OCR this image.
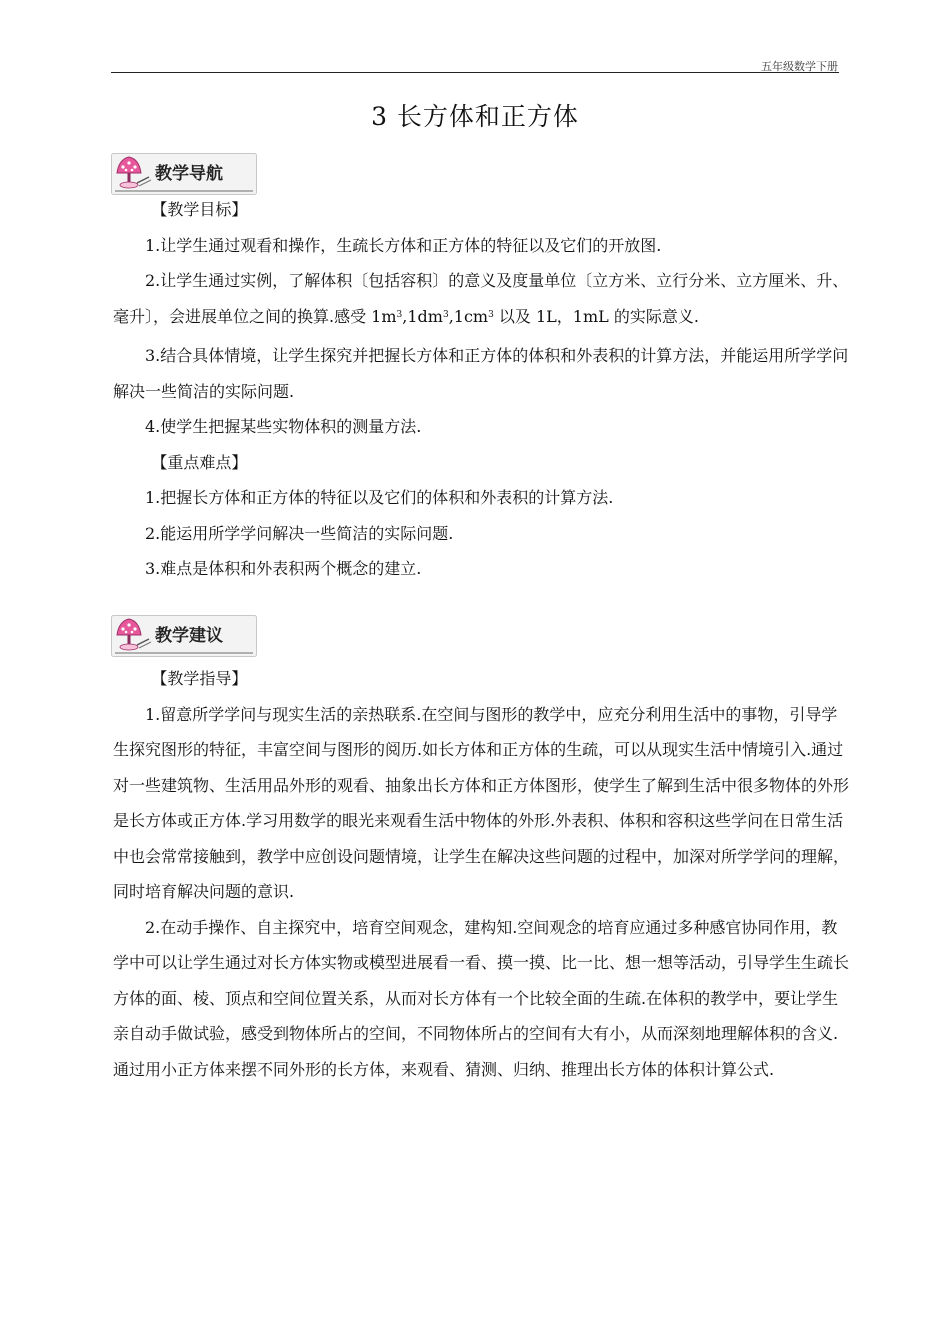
五年级数学下册
3 长方体和正方体
教学导航

【教学目标】

1.让学生通过观看和操作，生疏长方体和正方体的特征以及它们的开放图.

2.让学生通过实例，了解体积〔包括容积〕的意义及度量单位〔立方米、立行分米、立方厘米、升、毫升〕，会进展单位之间的换算.感受 $1m^3,1dm^3,1cm^3$ 以及 1L，1mL 的实际意义.

3.结合具体情境，让学生探究并把握长方体和正方体的体积和外表积的计算方法，并能运用所学学问解决一些简洁的实际问题.

4.使学生把握某些实物体积的测量方法.

【重点难点】

1.把握长方体和正方体的特征以及它们的体积和外表积的计算方法.

2.能运用所学学问解决一些简洁的实际问题.

3.难点是体积和外表积两个概念的建立.

教学建议

【教学指导】

1.留意所学学问与现实生活的亲热联系.在空间与图形的教学中，应充分利用生活中的事物，引导学生探究图形的特征，丰富空间与图形的阅历.如长方体和正方体的生疏，可以从现实生活中情境引入.通过对一些建筑物、生活用品外形的观看、抽象出长方体和正方体图形，使学生了解到生活中很多物体的外形是长方体或正方体.学习用数学的眼光来观看生活中物体的外形.外表积、体积和容积这些学问在日常生活中也会常常接触到，教学中应创设问题情境，让学生在解决这些问题的过程中，加深对所学学问的理解，同时培育解决问题的意识.

2.在动手操作、自主探究中，培育空间观念，建构知.空间观念的培育应通过多种感官协同作用，教学中可以让学生通过对长方体实物或模型进展看一看、摸一摸、比一比、想一想等活动，引导学生生疏长方体的面、棱、顶点和空间位置关系，从而对长方体有一个比较全面的生疏.在体积的教学中，要让学生亲自动手做试验，感受到物体所占的空间，不同物体所占的空间有大有小，从而深刻地理解体积的含义.通过用小正方体来摆不同外形的长方体，来观看、猜测、归纳、推理出长方体的体积计算公式.
